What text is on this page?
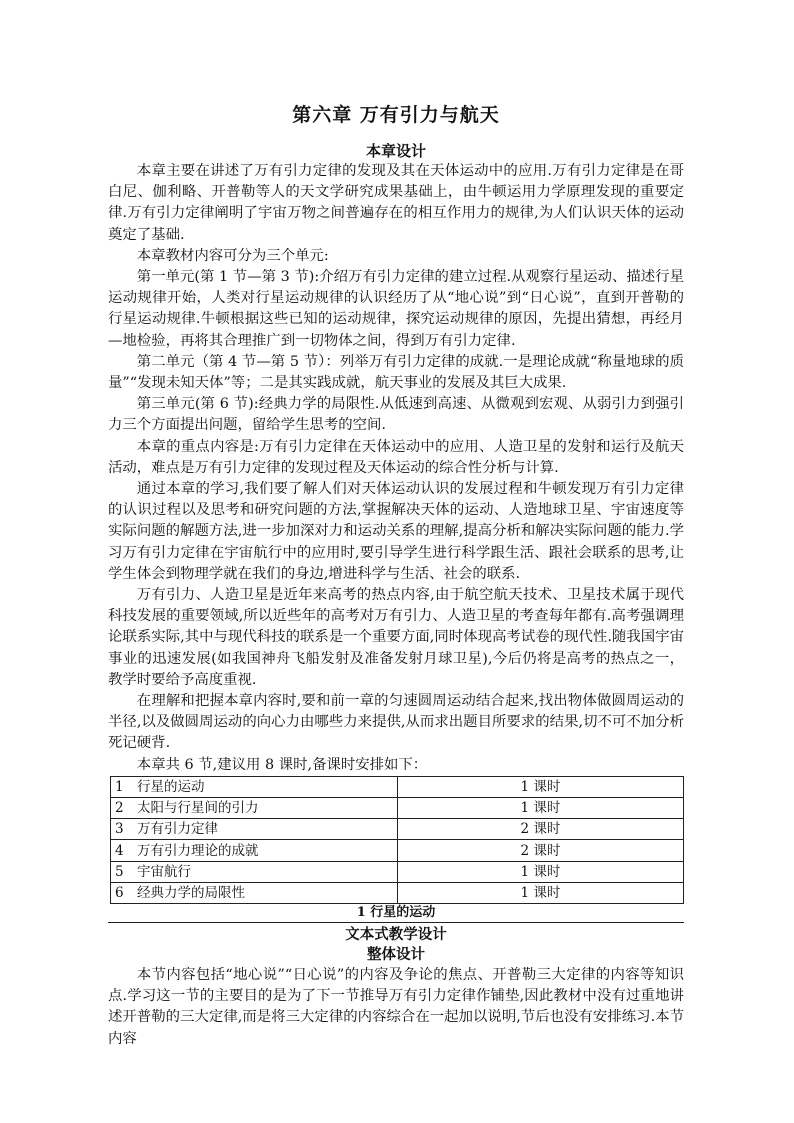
第六章 万有引力与航天
本章设计

本章主要在讲述了万有引力定律的发现及其在天体运动中的应用.万有引力定律是在哥白尼、伽利略、开普勒等人的天文学研究成果基础上，由牛顿运用力学原理发现的重要定律.万有引力定律阐明了宇宙万物之间普遍存在的相互作用力的规律,为人们认识天体的运动奠定了基础.

本章教材内容可分为三个单元:

第一单元(第 1 节—第 3 节):介绍万有引力定律的建立过程.从观察行星运动、描述行星运动规律开始，人类对行星运动规律的认识经历了从“地心说”到“日心说”，直到开普勒的行星运动规律.牛顿根据这些已知的运动规律，探究运动规律的原因，先提出猜想，再经月—地检验，再将其合理推广到一切物体之间，得到万有引力定律.

第二单元（第 4 节—第 5 节）：列举万有引力定律的成就.一是理论成就“称量地球的质量”“发现未知天体”等；二是其实践成就，航天事业的发展及其巨大成果.

第三单元(第 6 节):经典力学的局限性.从低速到高速、从微观到宏观、从弱引力到强引力三个方面提出问题，留给学生思考的空间.

本章的重点内容是:万有引力定律在天体运动中的应用、人造卫星的发射和运行及航天活动，难点是万有引力定律的发现过程及天体运动的综合性分析与计算.

通过本章的学习,我们要了解人们对天体运动认识的发展过程和牛顿发现万有引力定律的认识过程以及思考和研究问题的方法,掌握解决天体的运动、人造地球卫星、宇宙速度等实际问题的解题方法,进一步加深对力和运动关系的理解,提高分析和解决实际问题的能力.学习万有引力定律在宇宙航行中的应用时,要引导学生进行科学跟生活、跟社会联系的思考,让学生体会到物理学就在我们的身边,增进科学与生活、社会的联系.

万有引力、人造卫星是近年来高考的热点内容,由于航空航天技术、卫星技术属于现代科技发展的重要领域,所以近些年的高考对万有引力、人造卫星的考查每年都有.高考强调理论联系实际,其中与现代科技的联系是一个重要方面,同时体现高考试卷的现代性.随我国宇宙事业的迅速发展(如我国神舟飞船发射及准备发射月球卫星),今后仍将是高考的热点之一，教学时要给予高度重视.

在理解和把握本章内容时,要和前一章的匀速圆周运动结合起来,找出物体做圆周运动的半径,以及做圆周运动的向心力由哪些力来提供,从而求出题目所要求的结果,切不可不加分析死记硬背.

本章共 6 节,建议用 8 课时,备课时安排如下：

1 行星的运动	1 课时
2 太阳与行星间的引力	1 课时
3 万有引力定律	2 课时
4 万有引力理论的成就	2 课时
5 宇宙航行	1 课时
6 经典力学的局限性	1 课时
1 行星的运动
文本式教学设计
整体设计

本节内容包括“地心说”“日心说”的内容及争论的焦点、开普勒三大定律的内容等知识点.学习这一节的主要目的是为了下一节推导万有引力定律作铺垫,因此教材中没有过重地讲述开普勒的三大定律,而是将三大定律的内容综合在一起加以说明,节后也没有安排练习.本节内容
